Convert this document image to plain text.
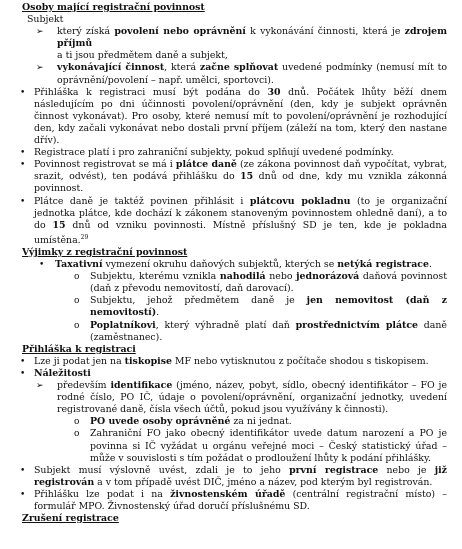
Osoby mající registrační povinnost
Subjekt
➢ který získá povolení nebo oprávnění k vykonávání činnosti, která je zdrojem příjmů
a ti jsou předmětem daně a subjekt,
➢ vykonávající činnost, která začne splňovat uvedené podmínky (nemusí mít to oprávnění/povolení – např. umělci, sportovci).
• Přihláška k registraci musí být podána do 30 dnů. Počátek lhůty běží dnem následujícím po dni účinnosti povolení/oprávnění (den, kdy je subjekt oprávněn činnost vykonávat). Pro osoby, které nemusí mít to povolení/oprávnění je rozhodující den, kdy začali vykonávat nebo dostali první příjem (záleží na tom, který den nastane dřív).
• Registrace platí i pro zahraniční subjekty, pokud splňují uvedené podmínky.
• Povinnost registrovat se má i plátce daně (ze zákona povinnost daň vypočítat, vybrat, srazit, odvést), ten podává přihlášku do 15 dnů od dne, kdy mu vznikla zákonná povinnost.
• Plátce daně je taktéž povinen přihlásit i plátcovu pokladnu (to je organizační jednotka plátce, kde dochází k zákonem stanoveným povinnostem ohledně daní), a to do 15 dnů od vzniku povinnosti. Místně příslušný SD je ten, kde je pokladna umístěna.$^{29}$
Výjimky z registrační povinnost
• Taxativní vymezení okruhu daňových subjektů, kterých se netýká registrace.
o Subjektu, kterému vznikla nahodilá nebo jednorázová daňová povinnost (daň z převodu nemovitostí, daň darovací).
o Subjektu, jehož předmětem daně je jen nemovitost (daň z nemovitostí).
o Poplatníkovi, který výhradně platí daň prostřednictvím plátce daně (zaměstnanec).
Přihláška k registraci
• Lze ji podat jen na tiskopise MF nebo vytisknutou z počítače shodou s tiskopisem.
• Náležitosti
➢ především identifikace (jméno, název, pobyt, sídlo, obecný identifikátor – FO je rodné číslo, PO IČ, údaje o povolení/oprávnění, organizační jednotky, uvedení registrované daně, čísla všech účtů, pokud jsou využívány k činnosti).
o PO uvede osoby oprávněné za ni jednat.
o Zahraniční FO jako obecný identifikátor uvede datum narození a PO je povinna si IČ vyžádat u orgánu veřejné moci – Český statistický úřad – může v souvislosti s tím požádat o prodloužení lhůty k podání přihlášky.
• Subjekt musí výslovně uvést, zdali je to jeho první registrace nebo je již registrován a v tom případě uvést DIČ, jméno a název, pod kterým byl registrován.
• Přihlášku lze podat i na živnostenském úřadě (centrální registrační místo) – formulář MPO. Živnostenský úřad doručí příslušnému SD.
Zrušení registrace
